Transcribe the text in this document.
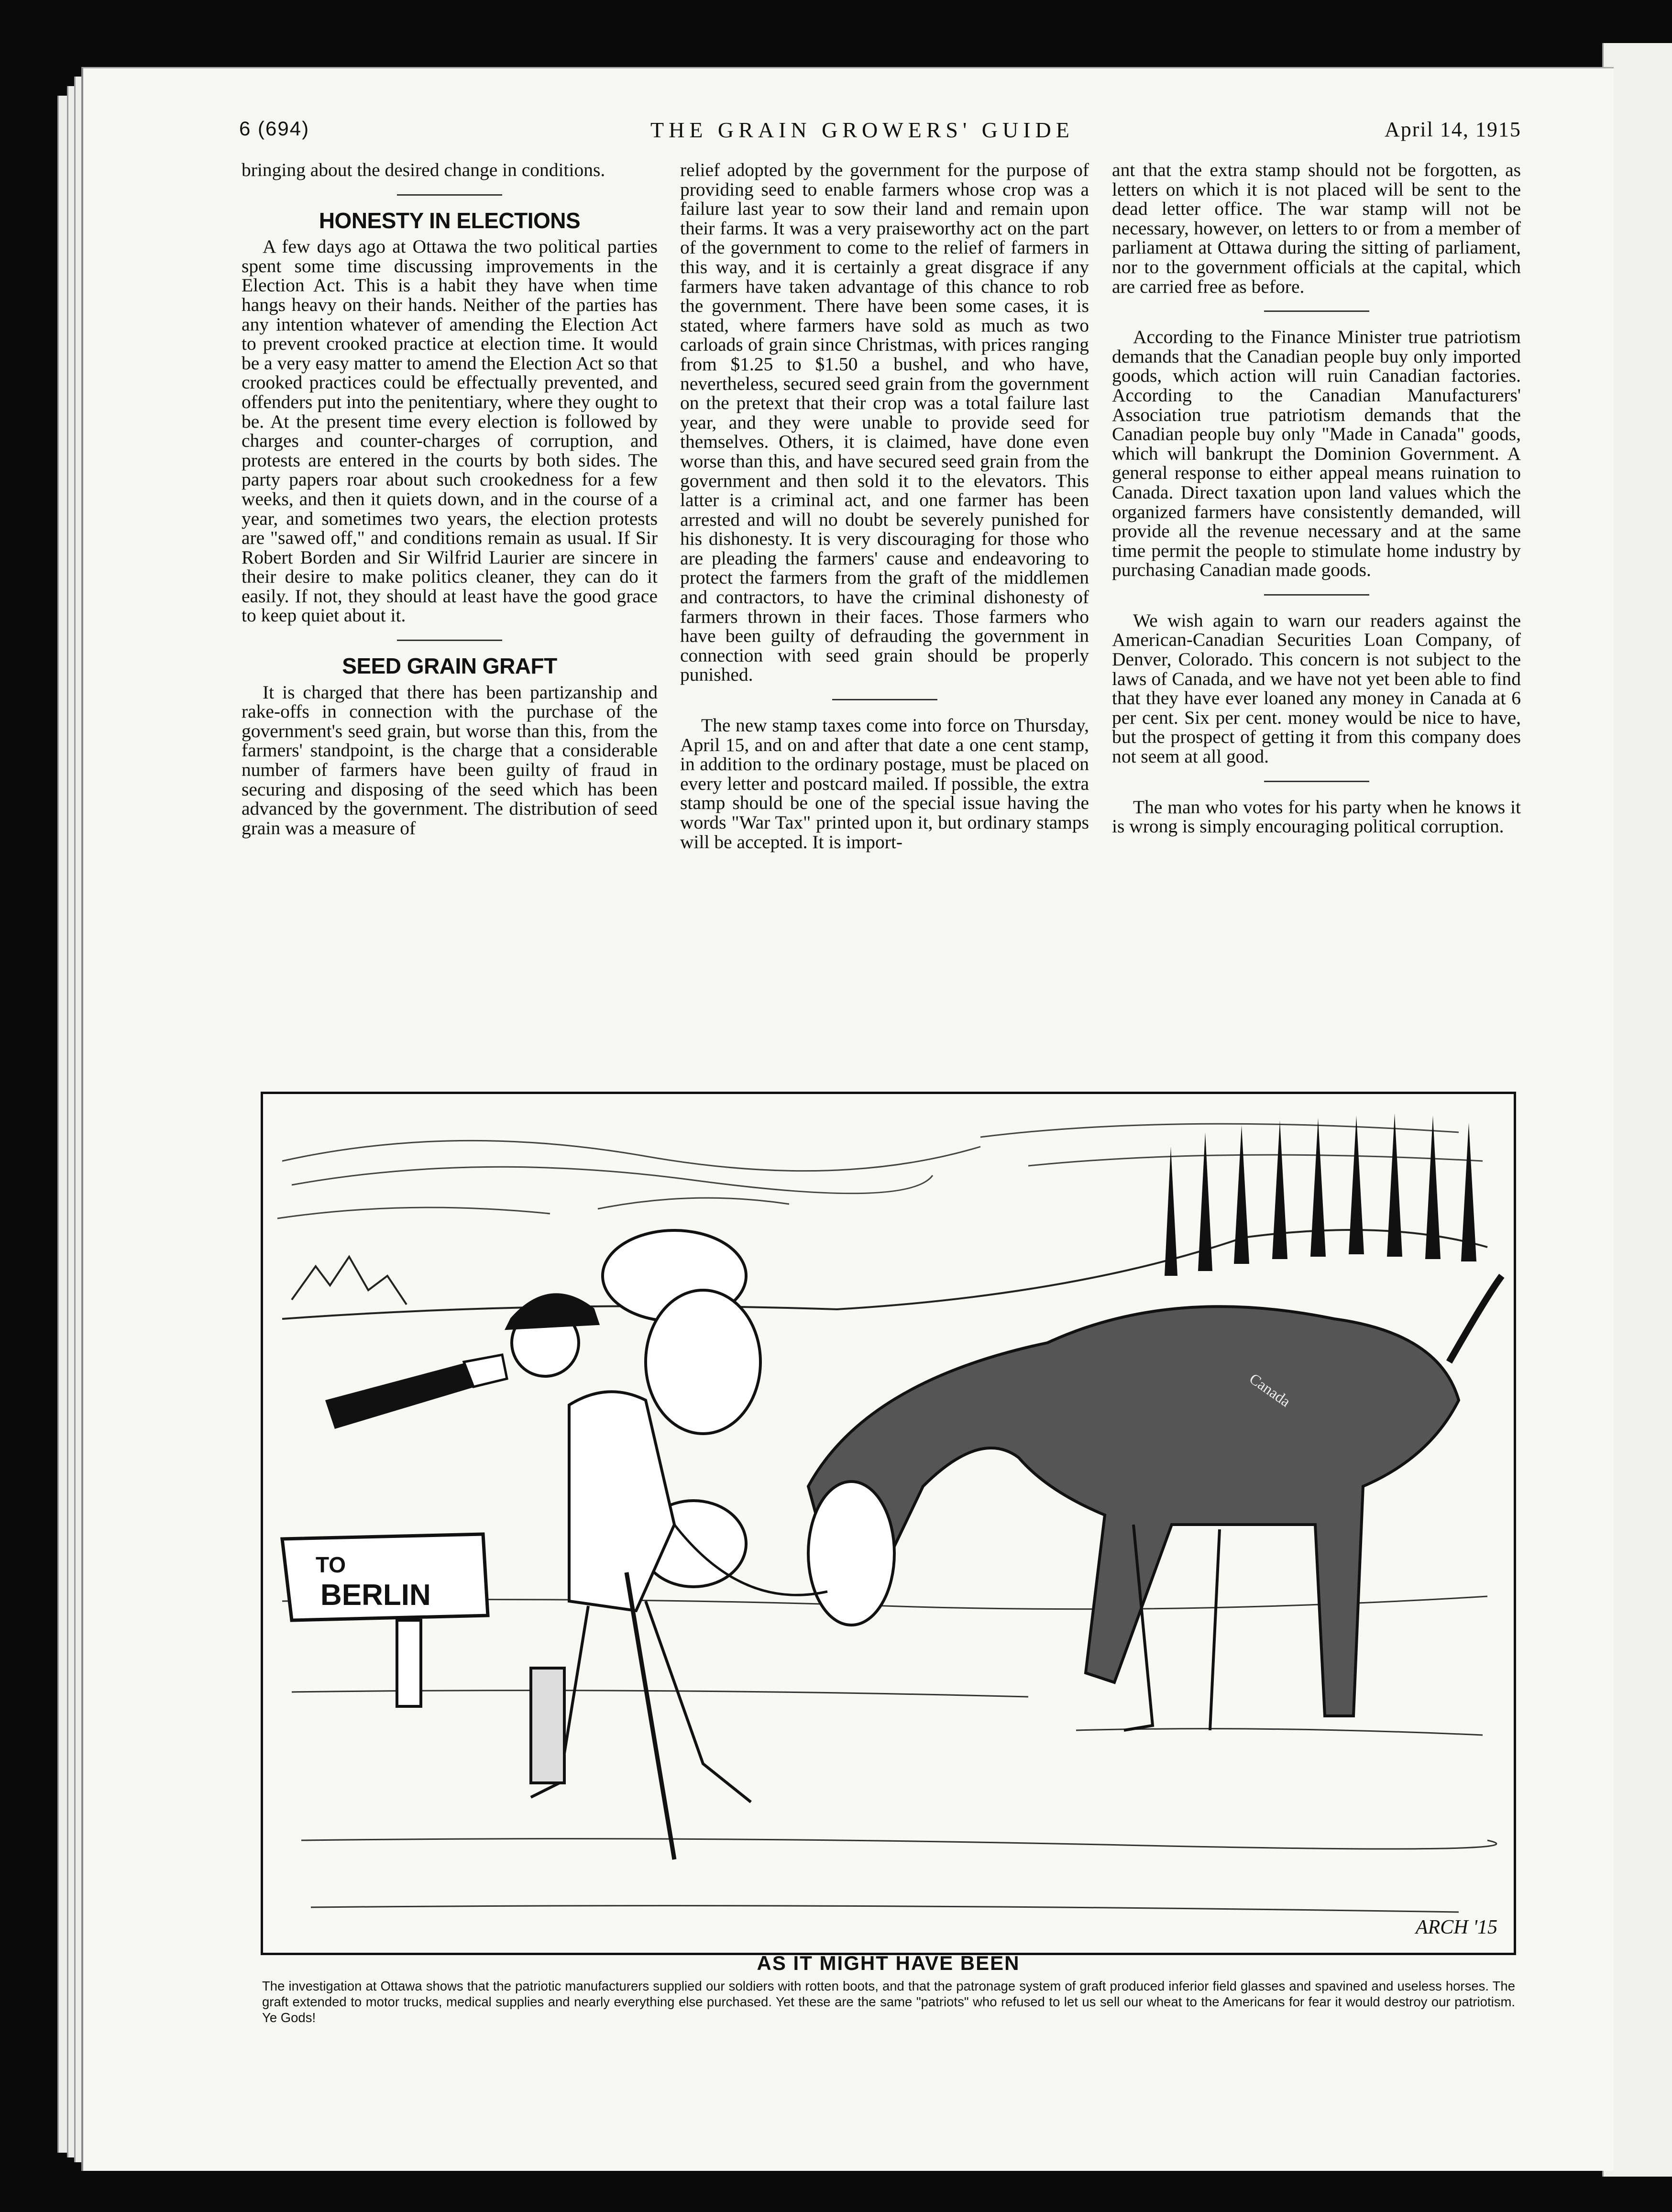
6 (694)	THE GRAIN GROWERS' GUIDE	April 14, 1915

bringing about the desired change in conditions.

HONESTY IN ELECTIONS

A few days ago at Ottawa the two political parties spent some time discussing improvements in the Election Act. This is a habit they have when time hangs heavy on their hands. Neither of the parties has any intention whatever of amending the Election Act to prevent crooked practice at election time. It would be a very easy matter to amend the Election Act so that crooked practices could be effectually prevented, and offenders put into the penitentiary, where they ought to be. At the present time every election is followed by charges and counter-charges of corruption, and protests are entered in the courts by both sides. The party papers roar about such crookedness for a few weeks, and then it quiets down, and in the course of a year, and sometimes two years, the election protests are "sawed off," and conditions remain as usual. If Sir Robert Borden and Sir Wilfrid Laurier are sincere in their desire to make politics cleaner, they can do it easily. If not, they should at least have the good grace to keep quiet about it.

SEED GRAIN GRAFT

It is charged that there has been partizanship and rake-offs in connection with the purchase of the government's seed grain, but worse than this, from the farmers' standpoint, is the charge that a considerable number of farmers have been guilty of fraud in securing and disposing of the seed which has been advanced by the government. The distribution of seed grain was a measure of

relief adopted by the government for the purpose of providing seed to enable farmers whose crop was a failure last year to sow their land and remain upon their farms. It was a very praiseworthy act on the part of the government to come to the relief of farmers in this way, and it is certainly a great disgrace if any farmers have taken advantage of this chance to rob the government. There have been some cases, it is stated, where farmers have sold as much as two carloads of grain since Christmas, with prices ranging from $1.25 to $1.50 a bushel, and who have, nevertheless, secured seed grain from the government on the pretext that their crop was a total failure last year, and they were unable to provide seed for themselves. Others, it is claimed, have done even worse than this, and have secured seed grain from the government and then sold it to the elevators. This latter is a criminal act, and one farmer has been arrested and will no doubt be severely punished for his dishonesty. It is very discouraging for those who are pleading the farmers' cause and endeavoring to protect the farmers from the graft of the middlemen and contractors, to have the criminal dishonesty of farmers thrown in their faces. Those farmers who have been guilty of defrauding the government in connection with seed grain should be properly punished.

The new stamp taxes come into force on Thursday, April 15, and on and after that date a one cent stamp, in addition to the ordinary postage, must be placed on every letter and postcard mailed. If possible, the extra stamp should be one of the special issue having the words "War Tax" printed upon it, but ordinary stamps will be accepted. It is import-

ant that the extra stamp should not be forgotten, as letters on which it is not placed will be sent to the dead letter office. The war stamp will not be necessary, however, on letters to or from a member of parliament at Ottawa during the sitting of parliament, nor to the government officials at the capital, which are carried free as before.

According to the Finance Minister true patriotism demands that the Canadian people buy only imported goods, which action will ruin Canadian factories. According to the Canadian Manufacturers' Association true patriotism demands that the Canadian people buy only "Made in Canada" goods, which will bankrupt the Dominion Government. A general response to either appeal means ruination to Canada. Direct taxation upon land values which the organized farmers have consistently demanded, will provide all the revenue necessary and at the same time permit the people to stimulate home industry by purchasing Canadian made goods.

We wish again to warn our readers against the American-Canadian Securities Loan Company, of Denver, Colorado. This concern is not subject to the laws of Canada, and we have not yet been able to find that they have ever loaned any money in Canada at 6 per cent. Six per cent. money would be nice to have, but the prospect of getting it from this company does not seem at all good.

The man who votes for his party when he knows it is wrong is simply encouraging political corruption.

TO
BERLIN
Canada
ARCH '15
AS IT MIGHT HAVE BEEN
The investigation at Ottawa shows that the patriotic manufacturers supplied our soldiers with rotten boots, and that the patronage system of graft produced inferior field glasses and spavined and useless horses. The graft extended to motor trucks, medical supplies and nearly everything else purchased. Yet these are the same "patriots" who refused to let us sell our wheat to the Americans for fear it would destroy our patriotism. Ye Gods!
